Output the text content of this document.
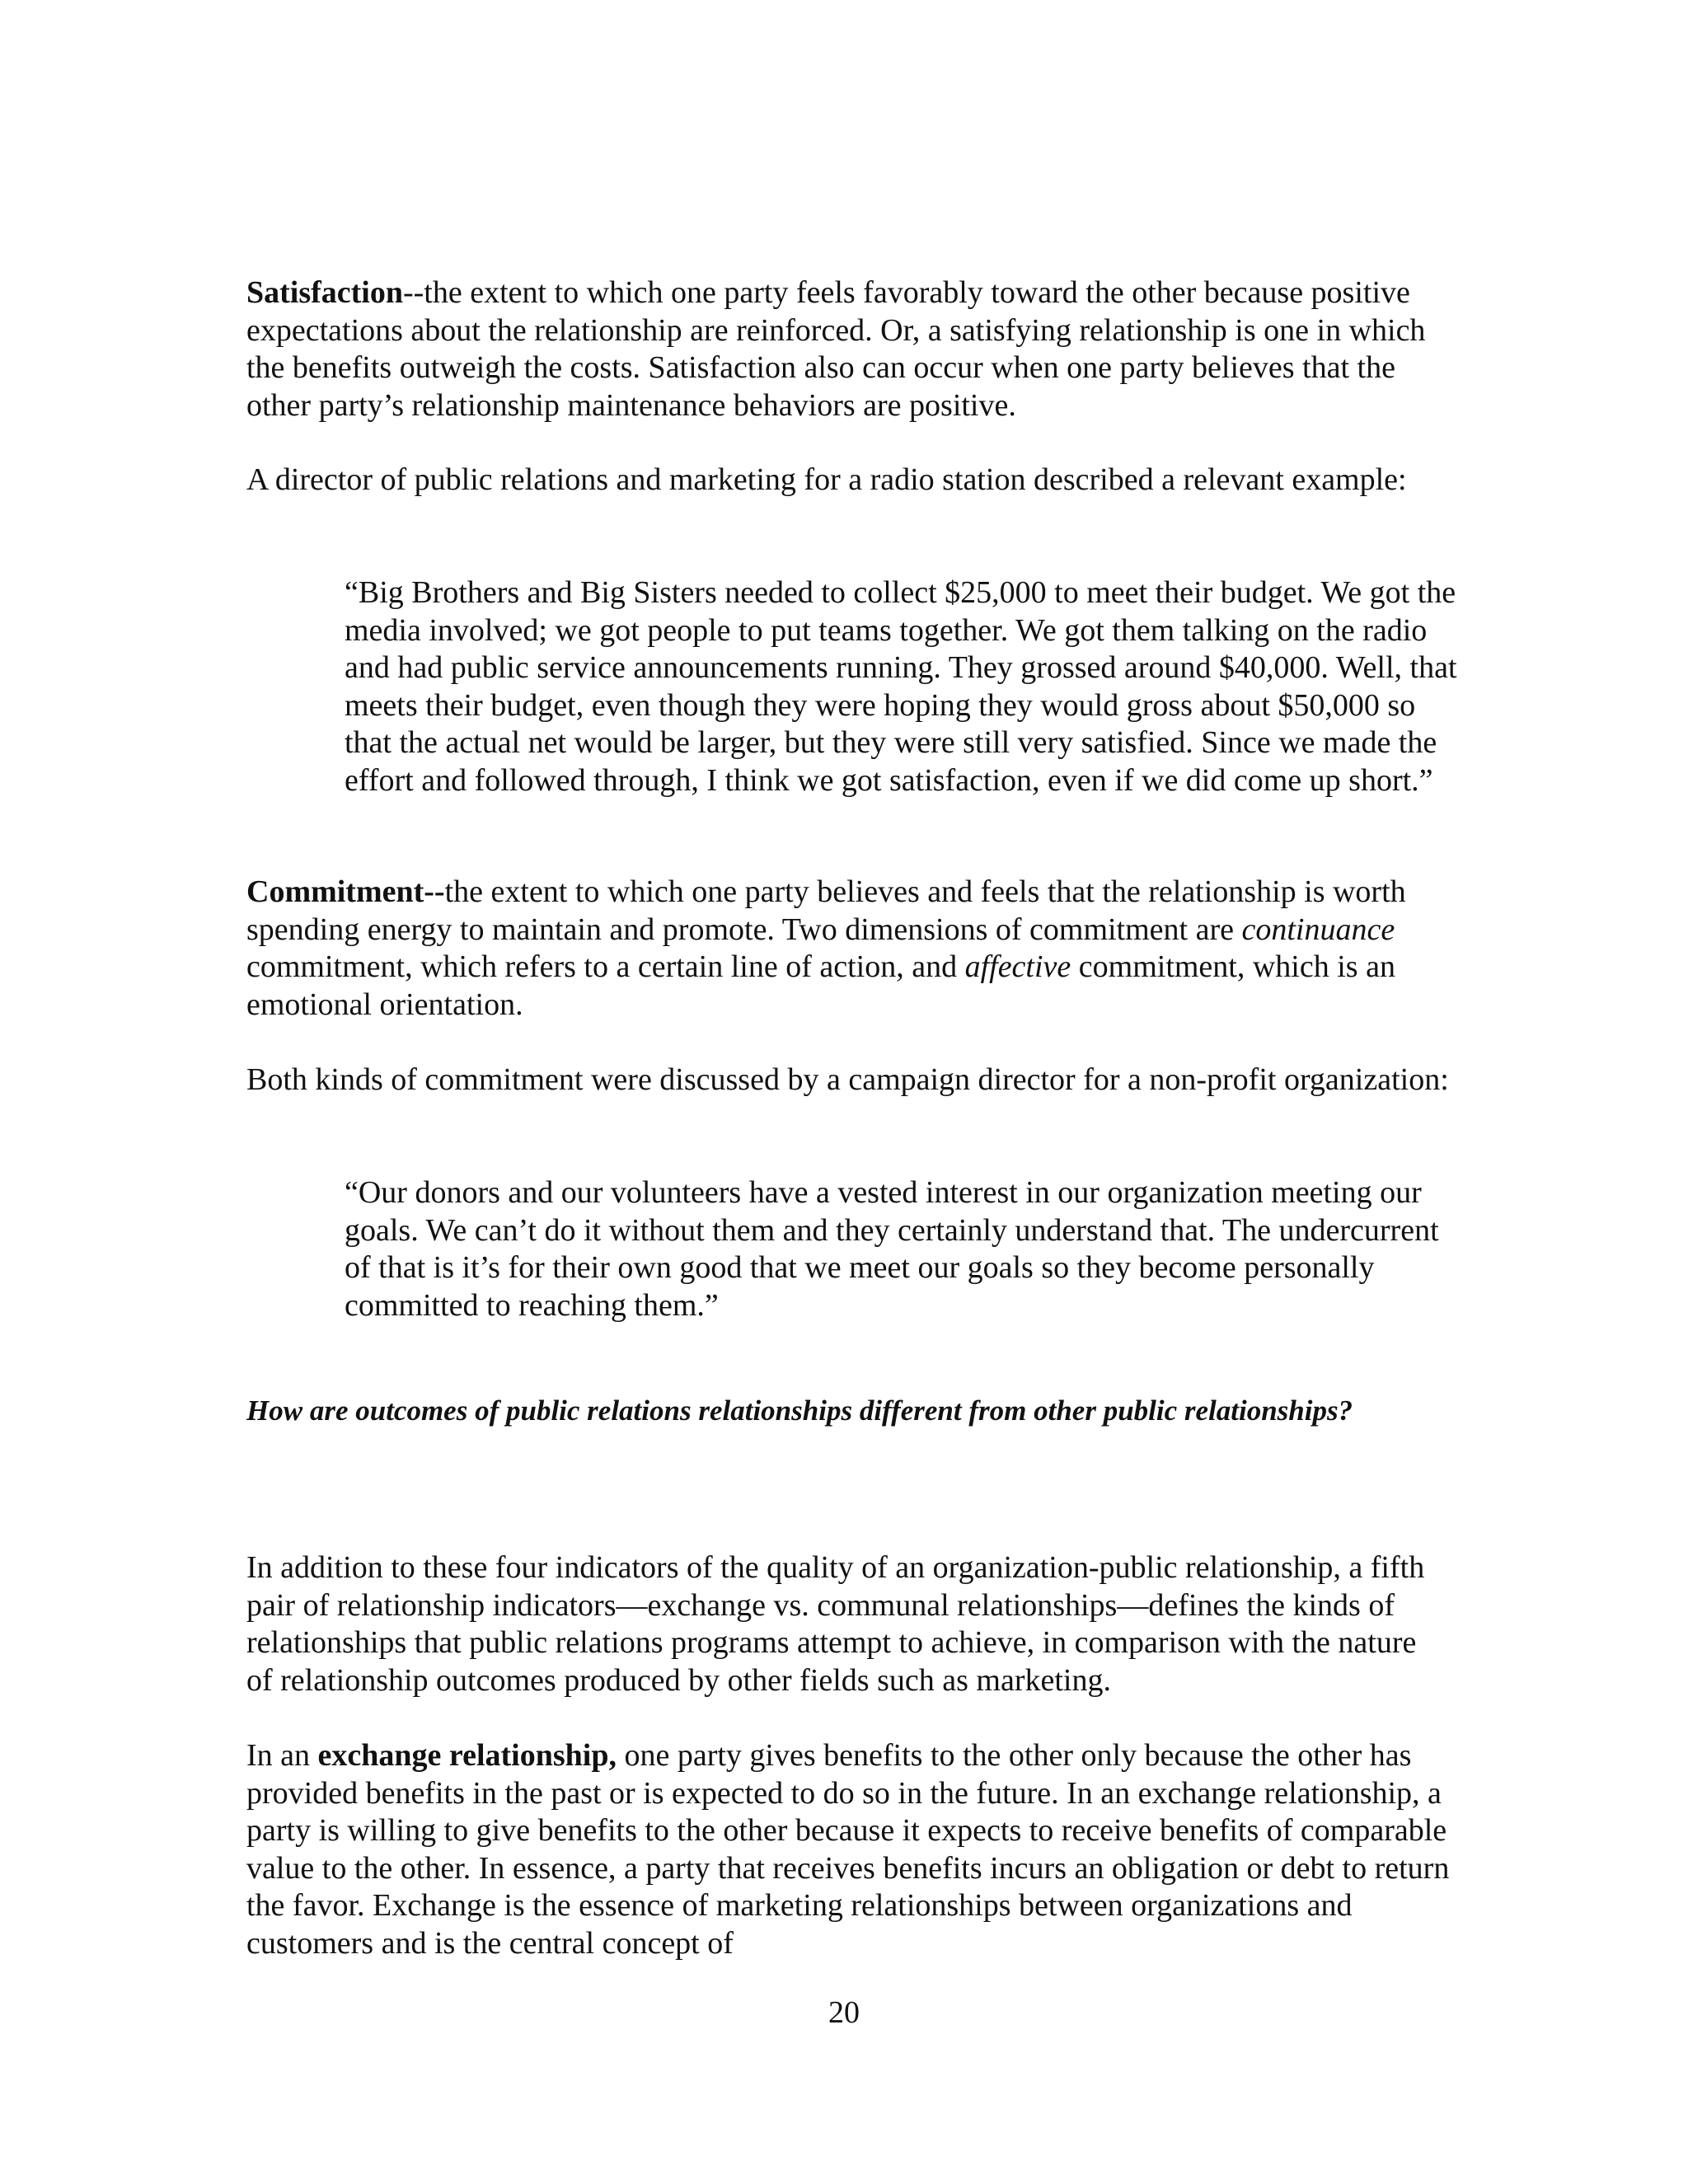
Satisfaction--the extent to which one party feels favorably toward the other because positive expectations about the relationship are reinforced. Or, a satisfying relationship is one in which the benefits outweigh the costs. Satisfaction also can occur when one party believes that the other party’s relationship maintenance behaviors are positive.

A director of public relations and marketing for a radio station described a relevant example:

“Big Brothers and Big Sisters needed to collect $25,000 to meet their budget. We got the media involved; we got people to put teams together. We got them talking on the radio and had public service announcements running. They grossed around $40,000. Well, that meets their budget, even though they were hoping they would gross about $50,000 so that the actual net would be larger, but they were still very satisfied. Since we made the effort and followed through, I think we got satisfaction, even if we did come up short.”

Commitment--the extent to which one party believes and feels that the relationship is worth spending energy to maintain and promote. Two dimensions of commitment are continuance commitment, which refers to a certain line of action, and affective commitment, which is an emotional orientation.

Both kinds of commitment were discussed by a campaign director for a non-profit organization:

“Our donors and our volunteers have a vested interest in our organization meeting our goals. We can’t do it without them and they certainly understand that. The undercurrent of that is it’s for their own good that we meet our goals so they become personally committed to reaching them.”

How are outcomes of public relations relationships different from other public relationships?

In addition to these four indicators of the quality of an organization-public relationship, a fifth pair of relationship indicators—exchange vs. communal relationships—defines the kinds of relationships that public relations programs attempt to achieve, in comparison with the nature of relationship outcomes produced by other fields such as marketing.

In an exchange relationship, one party gives benefits to the other only because the other has provided benefits in the past or is expected to do so in the future. In an exchange relationship, a party is willing to give benefits to the other because it expects to receive benefits of comparable value to the other. In essence, a party that receives benefits incurs an obligation or debt to return the favor. Exchange is the essence of marketing relationships between organizations and customers and is the central concept of

20
